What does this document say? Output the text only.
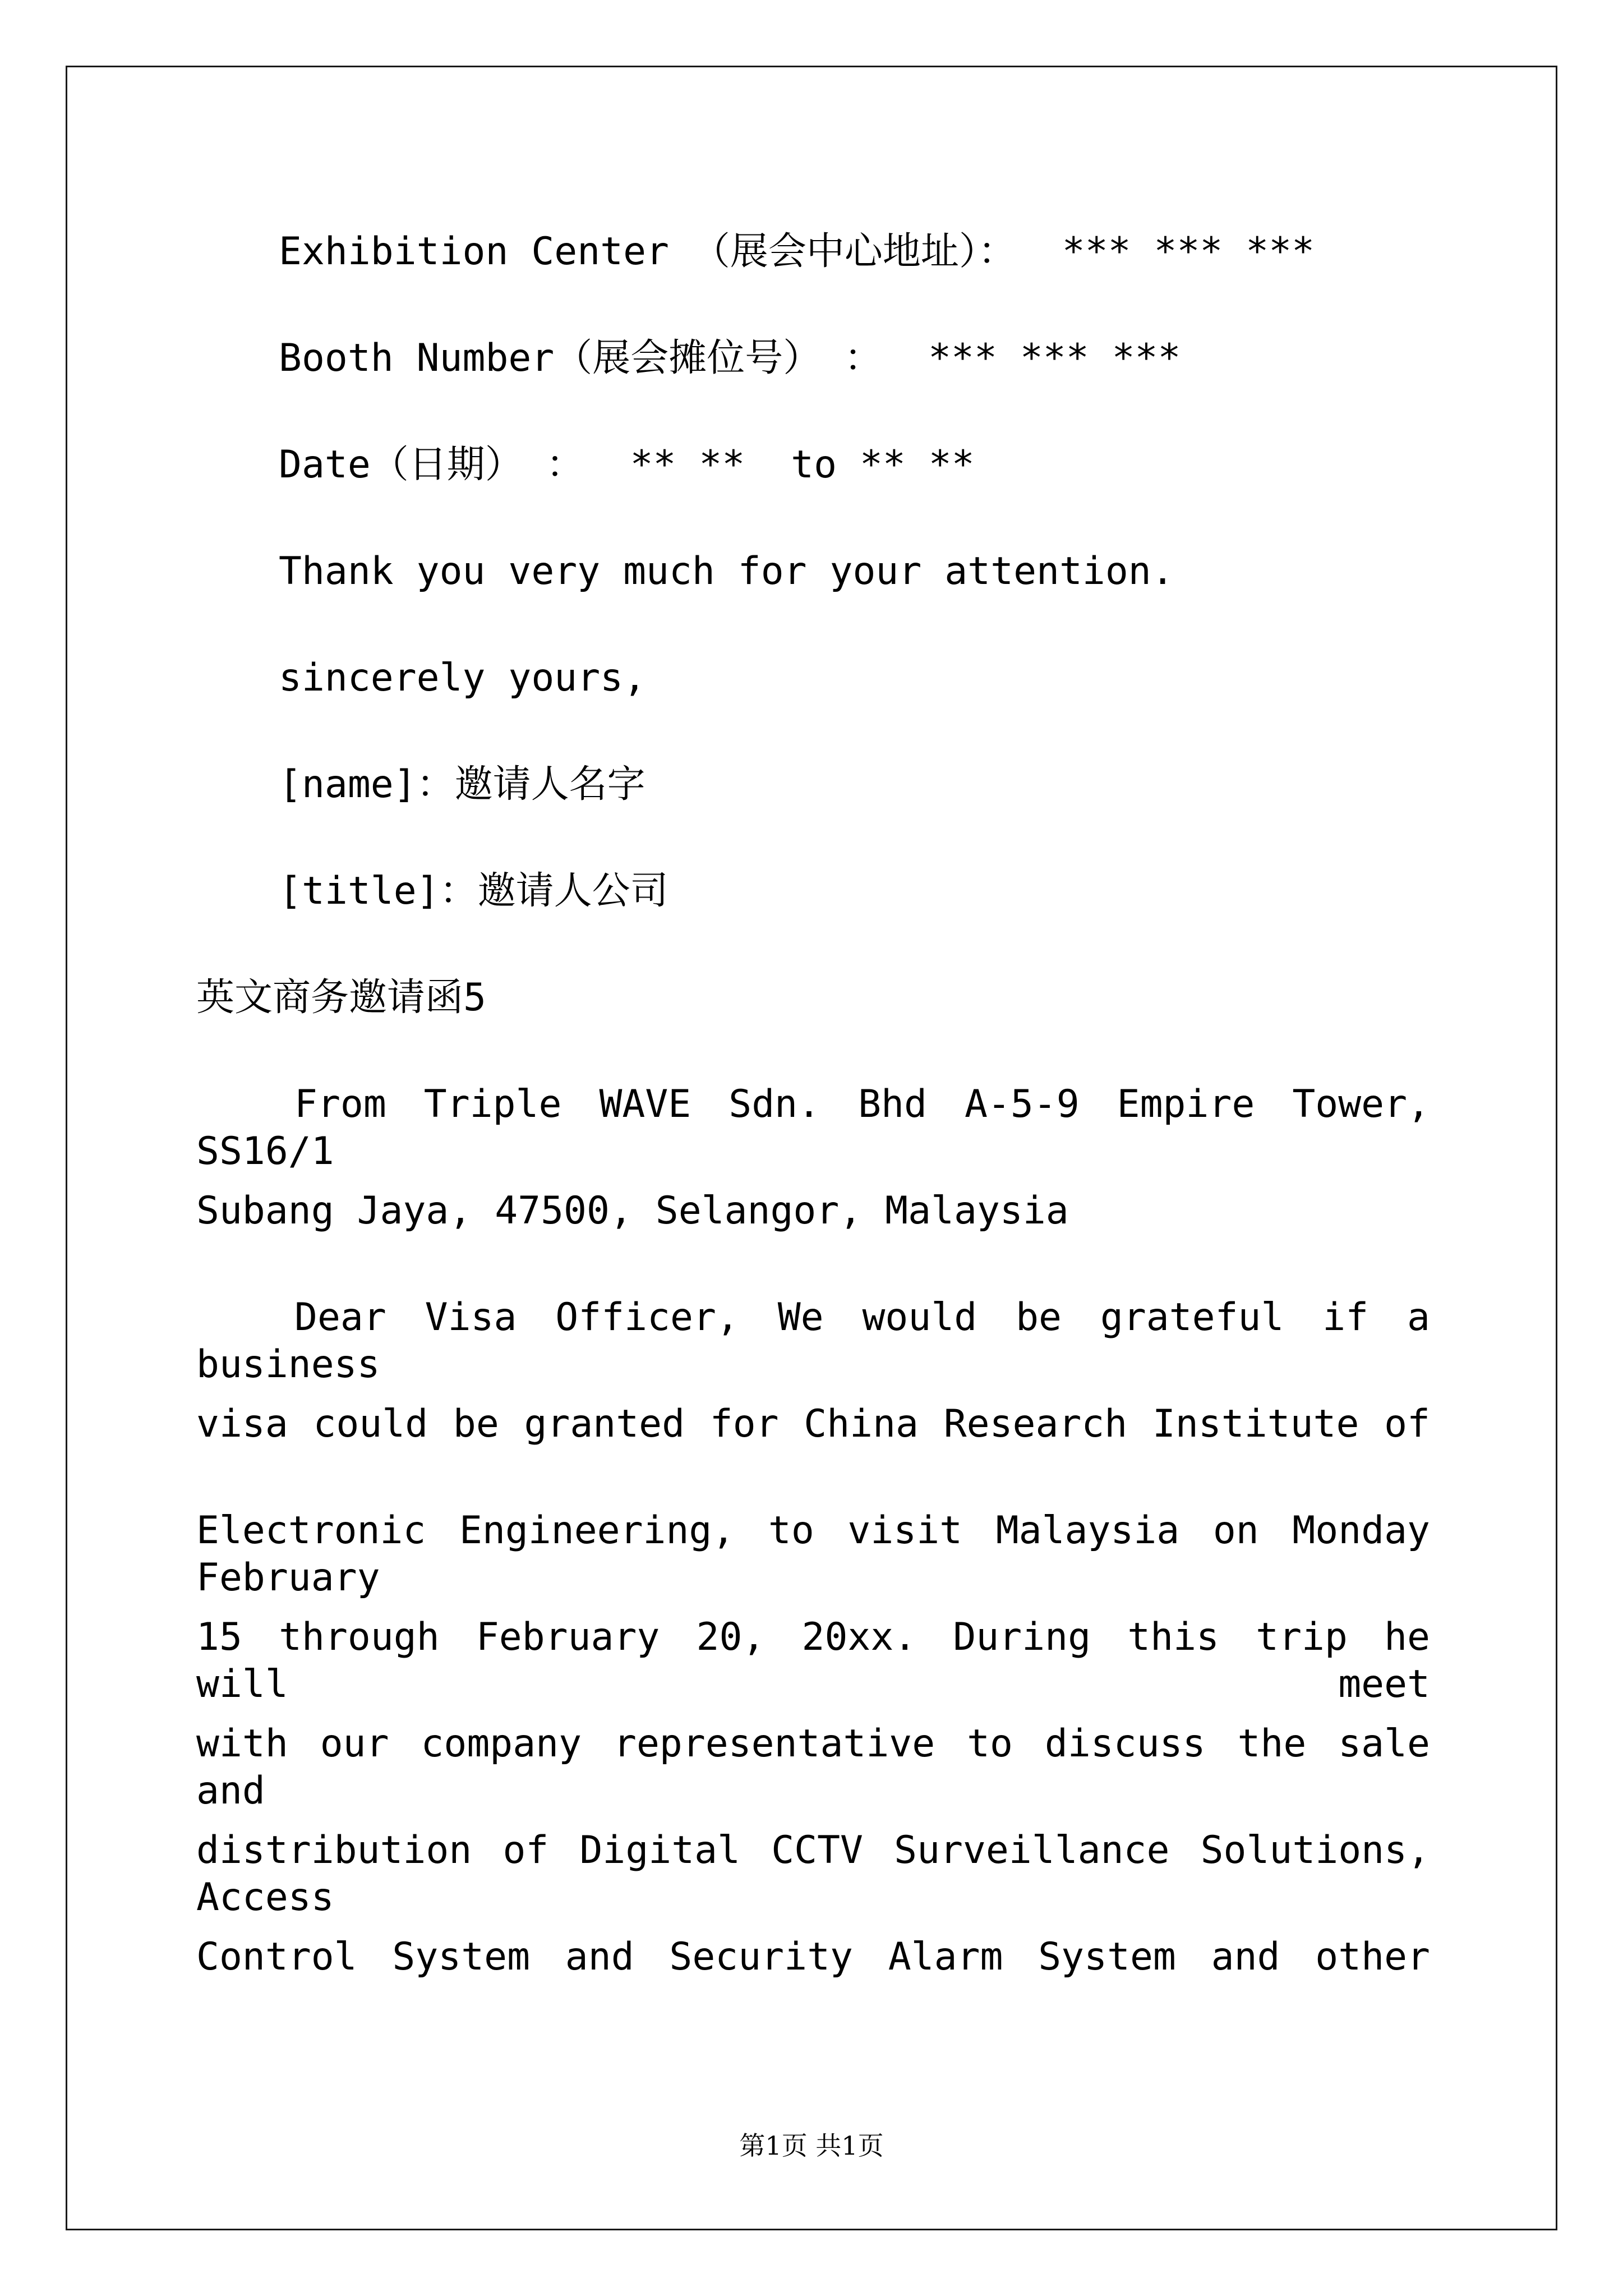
Exhibition Center （展会中心地址）：  *** *** ***

Booth Number（展会摊位号） ：  *** *** ***

Date（日期） ：  ** **  to ** **

Thank you very much for your attention.

sincerely yours,

[name]：邀请人名字

[title]：邀请人公司

英文商务邀请函5

From Triple WAVE Sdn. Bhd A-5-9 Empire Tower, SS16/1

Subang Jaya, 47500, Selangor, Malaysia

Dear Visa Officer, We would be grateful if a business

visa could be granted for China Research Institute of

Electronic Engineering, to visit Malaysia on Monday February

15 through February 20, 20xx. During this trip he will meet

with our company representative to discuss the sale and

distribution of Digital CCTV Surveillance Solutions, Access

Control System and Security Alarm System and other

第1页 共1页
